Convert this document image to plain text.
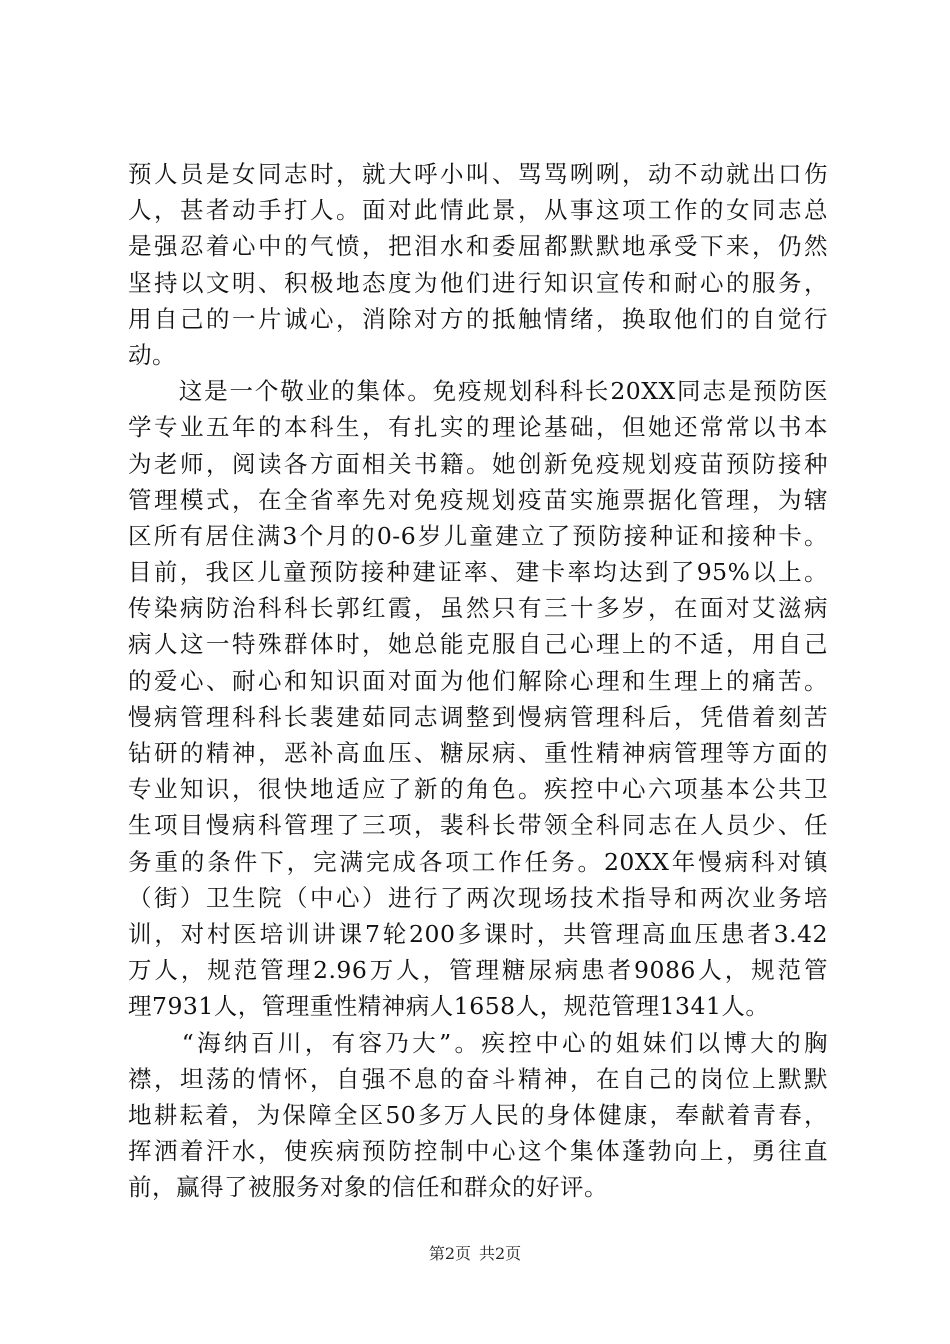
预人员是女同志时，就大呼小叫、骂骂咧咧，动不动就出口伤
人，甚者动手打人。面对此情此景，从事这项工作的女同志总
是强忍着心中的气愤，把泪水和委屈都默默地承受下来，仍然
坚持以文明、积极地态度为他们进行知识宣传和耐心的服务，
用自己的一片诚心，消除对方的抵触情绪，换取他们的自觉行
动。
　　这是一个敬业的集体。免疫规划科科长20XX同志是预防医
学专业五年的本科生，有扎实的理论基础，但她还常常以书本
为老师，阅读各方面相关书籍。她创新免疫规划疫苗预防接种
管理模式，在全省率先对免疫规划疫苗实施票据化管理，为辖
区所有居住满3个月的0-6岁儿童建立了预防接种证和接种卡。
目前，我区儿童预防接种建证率、建卡率均达到了95%以上。
传染病防治科科长郭红霞，虽然只有三十多岁，在面对艾滋病
病人这一特殊群体时，她总能克服自己心理上的不适，用自己
的爱心、耐心和知识面对面为他们解除心理和生理上的痛苦。
慢病管理科科长裴建茹同志调整到慢病管理科后，凭借着刻苦
钻研的精神，恶补高血压、糖尿病、重性精神病管理等方面的
专业知识，很快地适应了新的角色。疾控中心六项基本公共卫
生项目慢病科管理了三项，裴科长带领全科同志在人员少、任
务重的条件下，完满完成各项工作任务。20XX年慢病科对镇
（街）卫生院（中心）进行了两次现场技术指导和两次业务培
训，对村医培训讲课7轮200多课时，共管理高血压患者3.42
万人，规范管理2.96万人，管理糖尿病患者9086人，规范管
理7931人，管理重性精神病人1658人，规范管理1341人。
　　“海纳百川，有容乃大”。疾控中心的姐妹们以博大的胸
襟，坦荡的情怀，自强不息的奋斗精神，在自己的岗位上默默
地耕耘着，为保障全区50多万人民的身体健康，奉献着青春，
挥洒着汗水，使疾病预防控制中心这个集体蓬勃向上，勇往直
前，赢得了被服务对象的信任和群众的好评。
第2页 共2页
